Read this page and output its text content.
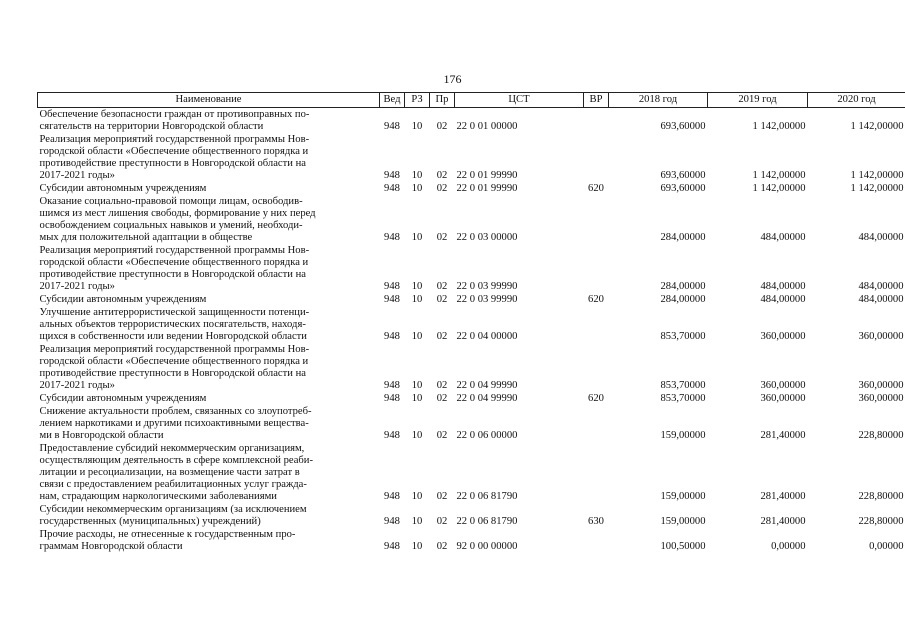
176
Наименование	Вед	РЗ	Пр	ЦСТ	ВР	2018 год	2019 год	2020 год
Обеспечение безопасности граждан от противоправных по-
сягательств на территории Новгородской области	948	10	02	22 0 01 00000		693,60000	1 142,00000	1 142,00000
Реализация мероприятий государственной программы Нов-
городской области «Обеспечение общественного порядка и
противодействие преступности в Новгородской области на
2017-2021 годы»	948	10	02	22 0 01 99990		693,60000	1 142,00000	1 142,00000
Субсидии автономным учреждениям	948	10	02	22 0 01 99990	620	693,60000	1 142,00000	1 142,00000
Оказание социально-правовой помощи лицам, освободив-
шимся из мест лишения свободы, формирование у них перед
освобождением социальных навыков и умений, необходи-
мых для положительной адаптации в обществе	948	10	02	22 0 03 00000		284,00000	484,00000	484,00000
Реализация мероприятий государственной программы Нов-
городской области «Обеспечение общественного порядка и
противодействие преступности в Новгородской области на
2017-2021 годы»	948	10	02	22 0 03 99990		284,00000	484,00000	484,00000
Субсидии автономным учреждениям	948	10	02	22 0 03 99990	620	284,00000	484,00000	484,00000
Улучшение антитеррористической защищенности потенци-
альных объектов террористических посягательств, находя-
щихся в собственности или ведении Новгородской области	948	10	02	22 0 04 00000		853,70000	360,00000	360,00000
Реализация мероприятий государственной программы Нов-
городской области «Обеспечение общественного порядка и
противодействие преступности в Новгородской области на
2017-2021 годы»	948	10	02	22 0 04 99990		853,70000	360,00000	360,00000
Субсидии автономным учреждениям	948	10	02	22 0 04 99990	620	853,70000	360,00000	360,00000
Снижение актуальности проблем, связанных со злоупотреб-
лением наркотиками и другими психоактивными вещества-
ми в Новгородской области	948	10	02	22 0 06 00000		159,00000	281,40000	228,80000
Предоставление субсидий некоммерческим организациям,
осуществляющим деятельность в сфере комплексной реаби-
литации и ресоциализации, на возмещение части затрат в
связи с предоставлением реабилитационных услуг гражда-
нам, страдающим наркологическими заболеваниями	948	10	02	22 0 06 81790		159,00000	281,40000	228,80000
Субсидии некоммерческим организациям (за исключением
государственных (муниципальных) учреждений)	948	10	02	22 0 06 81790	630	159,00000	281,40000	228,80000
Прочие расходы, не отнесенные к государственным про-
граммам Новгородской области	948	10	02	92 0 00 00000		100,50000	0,00000	0,00000
